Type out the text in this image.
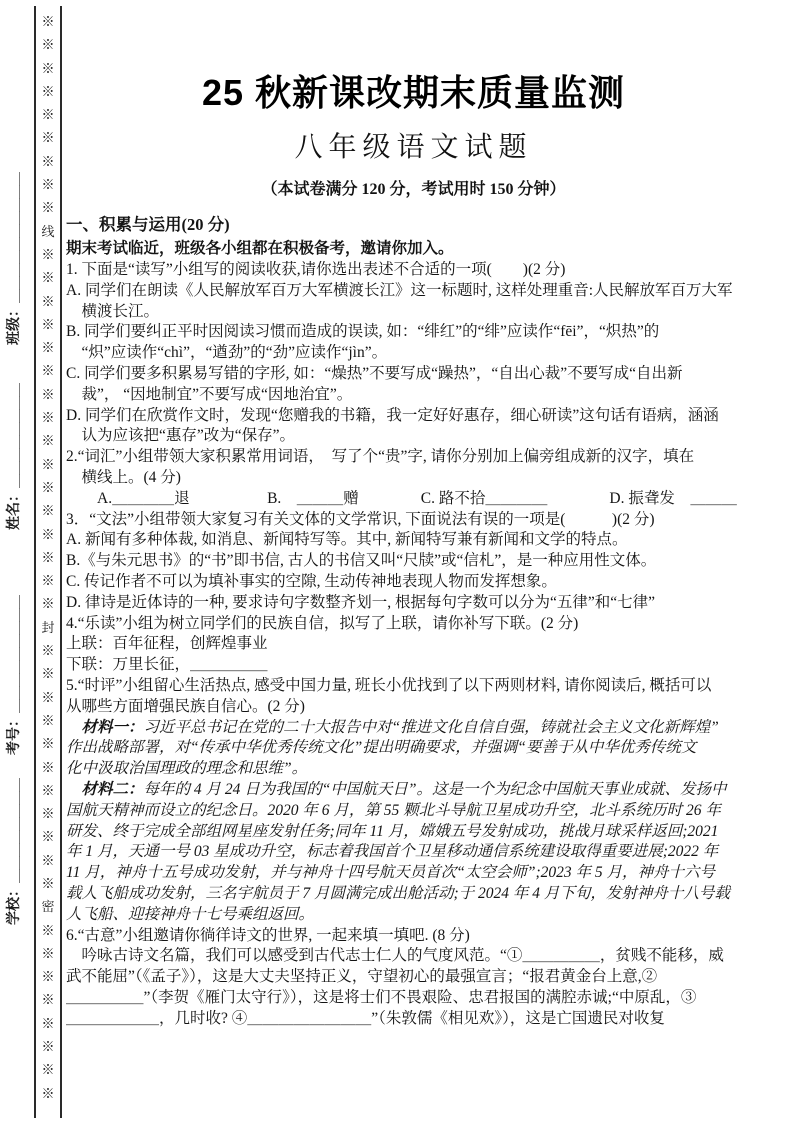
※※※※※※※※※线※※※※※※※※※※※※※※※※封※※※※※※※※※※※密※※※※※※※※
班级：＿＿＿＿＿＿＿＿＿＿
姓名：＿＿＿＿＿＿＿＿
考号：＿＿＿＿＿＿＿＿＿
学校：＿＿＿＿＿＿＿＿
25 秋新课改期末质量监测
八年级语文试题
（本试卷满分 120 分，考试用时 150 分钟）
一、积累与运用(20 分)
期末考试临近，班级各小组都在积极备考，邀请你加入。
1. 下面是“读写”小组写的阅读收获,请你选出表述不合适的一项(　　)(2 分)
A. 同学们在朗读《人民解放军百万大军横渡长江》这一标题时, 这样处理重音:人民解放军百万大军
　横渡长江。
B. 同学们要纠正平时因阅读习惯而造成的误读, 如：“绯红”的“绯”应读作“fēi”，“炽热”的
　“炽”应读作“chì”，“遒劲”的“劲”应读作“jìn”。
C. 同学们要多积累易写错的字形, 如：“燥热”不要写成“躁热”，“自出心裁”不要写成“自出新
　裁”， “因地制宜”不要写成“因地治宜”。
D. 同学们在欣赏作文时，发现“您赠我的书籍，我一定好好惠存，细心研读”这句话有语病，涵涵
　认为应该把“惠存”改为“保存”。
2.“词汇”小组带领大家积累常用词语，　写了个“贵”字, 请你分别加上偏旁组成新的汉字，填在
　横线上。(4 分)
　　A.＿＿＿＿退　　　　　B.　＿＿＿赠　　　　C. 路不拾＿＿＿＿　　　　D. 振聋发　＿＿＿
3．“文法”小组带领大家复习有关文体的文学常识, 下面说法有误的一项是(　　　)(2 分)
A. 新闻有多种体裁, 如消息、新闻特写等。其中, 新闻特写兼有新闻和文学的特点。
B.《与朱元思书》的“书”即书信, 古人的书信又叫“尺牍”或“信札”，是一种应用性文体。
C. 传记作者不可以为填补事实的空隙, 生动传神地表现人物而发挥想象。
D. 律诗是近体诗的一种, 要求诗句字数整齐划一, 根据每句字数可以分为“五律”和“七律”
4.“乐读”小组为树立同学们的民族自信，拟写了上联，请你补写下联。(2 分)
上联：百年征程，创辉煌事业
下联：万里长征，＿＿＿＿＿
5.“时评”小组留心生活热点, 感受中国力量, 班长小优找到了以下两则材料, 请你阅读后, 概括可以
从哪些方面增强民族自信心。(2 分)
　材料一：习近平总书记在党的二十大报告中对“推进文化自信自强，铸就社会主义文化新辉煌”
作出战略部署，对“传承中华优秀传统文化”提出明确要求，并强调“要善于从中华优秀传统文
化中汲取治国理政的理念和思维”。
　材料二：每年的 4 月 24 日为我国的“中国航天日”。这是一个为纪念中国航天事业成就、发扬中
国航天精神而设立的纪念日。2020 年 6 月，第 55 颗北斗导航卫星成功升空，北斗系统历时 26 年
研发、终于完成全部组网星座发射任务;同年 11 月，嫦娥五号发射成功，挑战月球采样返回;2021
年 1 月，天通一号 03 星成功升空，标志着我国首个卫星移动通信系统建设取得重要进展;2022 年
11 月，神舟十五号成功发射，并与神舟十四号航天员首次“太空会师”;2023 年 5 月，神舟十六号
载人飞船成功发射，三名宇航员于 7 月圆满完成出舱活动;于 2024 年 4 月下旬，发射神舟十八号载
人飞船、迎接神舟十七号乘组返回。
6.“古意”小组邀请你徜徉诗文的世界, 一起来填一填吧. (8 分)
　吟咏古诗文名篇，我们可以感受到古代志士仁人的气度风范。“①＿＿＿＿＿，贫贱不能移，威
武不能屈”（《孟子》），这是大丈夫坚持正义，守望初心的最强宣言；“报君黄金台上意,②
＿＿＿＿＿”（李贺《雁门太守行》），这是将士们不畏艰险、忠君报国的满腔赤诚;“中原乱，③
＿＿＿＿＿＿，几时收? ④＿＿＿＿＿＿＿＿”（朱敦儒《相见欢》），这是亡国遗民对收复
